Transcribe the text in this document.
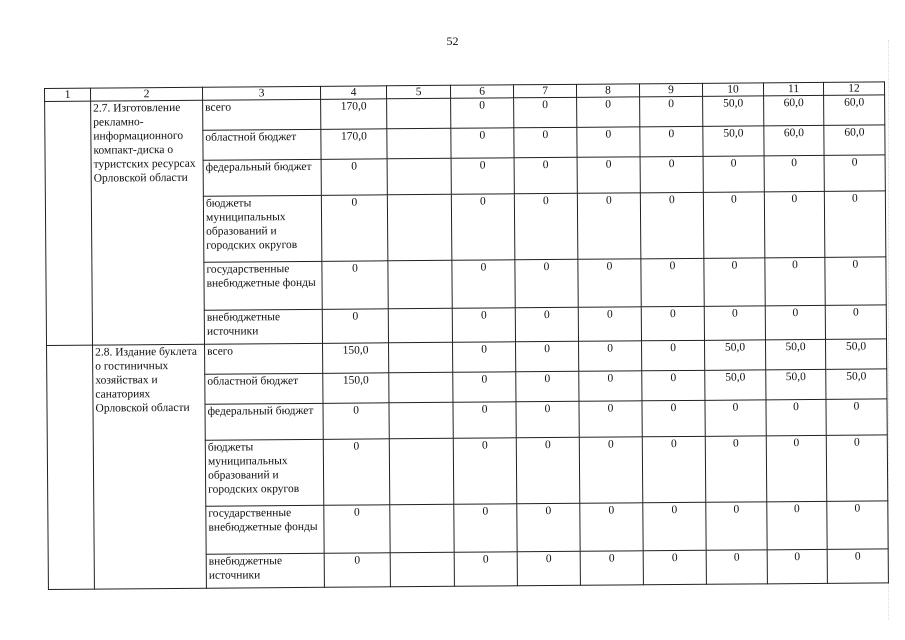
52
1	2	3	4	5	6	7	8	9	10	11	12
	2.7. Изготовление рекламно-информационного компакт-диска о туристских ресурсах Орловской области	всего	170,0		0	0	0	0	50,0	60,0	60,0
		областной бюджет	170,0		0	0	0	0	50,0	60,0	60,0
		федеральный бюджет	0		0	0	0	0	0	0	0
		бюджеты муниципальных образований и городских округов	0		0	0	0	0	0	0	0
		государственные внебюджетные фонды	0		0	0	0	0	0	0	0
		внебюджетные источники	0		0	0	0	0	0	0	0
	2.8. Издание буклета о гостиничных хозяйствах и санаториях Орловской области	всего	150,0		0	0	0	0	50,0	50,0	50,0
		областной бюджет	150,0		0	0	0	0	50,0	50,0	50,0
		федеральный бюджет	0		0	0	0	0	0	0	0
		бюджеты муниципальных образований и городских округов	0		0	0	0	0	0	0	0
		государственные внебюджетные фонды	0		0	0	0	0	0	0	0
		внебюджетные источники	0		0	0	0	0	0	0	0
